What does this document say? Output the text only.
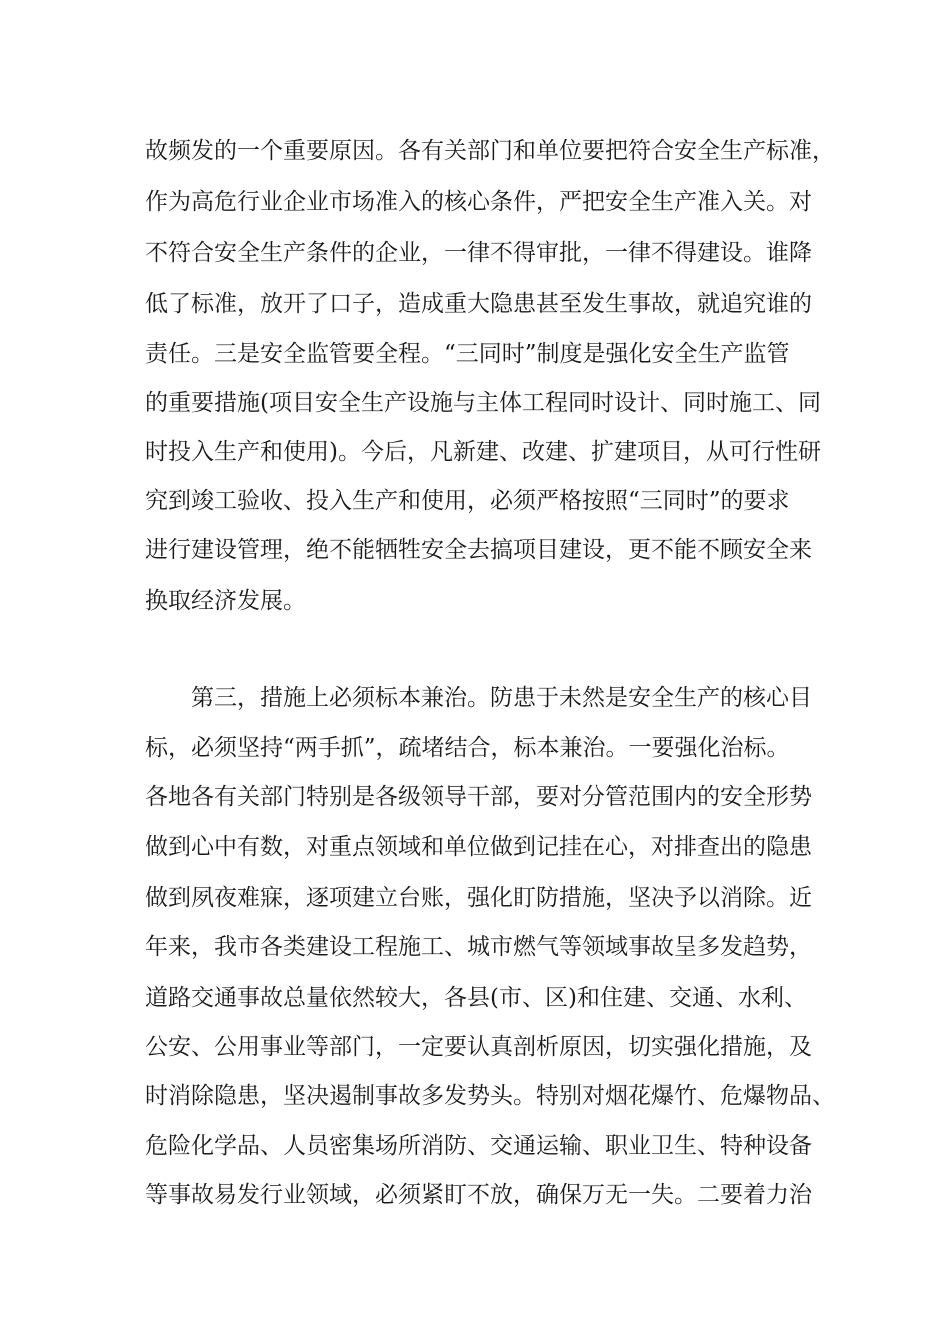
故频发的一个重要原因。各有关部门和单位要把符合安全生产标准，
作为高危行业企业市场准入的核心条件，严把安全生产准入关。对
不符合安全生产条件的企业，一律不得审批，一律不得建设。谁降
低了标准，放开了口子，造成重大隐患甚至发生事故，就追究谁的
责任。三是安全监管要全程。“三同时”制度是强化安全生产监管
的重要措施(项目安全生产设施与主体工程同时设计、同时施工、同
时投入生产和使用)。今后，凡新建、改建、扩建项目，从可行性研
究到竣工验收、投入生产和使用，必须严格按照“三同时”的要求
进行建设管理，绝不能牺牲安全去搞项目建设，更不能不顾安全来
换取经济发展。
第三，措施上必须标本兼治。防患于未然是安全生产的核心目
标，必须坚持“两手抓”，疏堵结合，标本兼治。一要强化治标。
各地各有关部门特别是各级领导干部，要对分管范围内的安全形势
做到心中有数，对重点领域和单位做到记挂在心，对排查出的隐患
做到夙夜难寐，逐项建立台账，强化盯防措施，坚决予以消除。近
年来，我市各类建设工程施工、城市燃气等领域事故呈多发趋势，
道路交通事故总量依然较大，各县(市、区)和住建、交通、水利、
公安、公用事业等部门，一定要认真剖析原因，切实强化措施，及
时消除隐患，坚决遏制事故多发势头。特别对烟花爆竹、危爆物品、
危险化学品、人员密集场所消防、交通运输、职业卫生、特种设备
等事故易发行业领域，必须紧盯不放，确保万无一失。二要着力治
